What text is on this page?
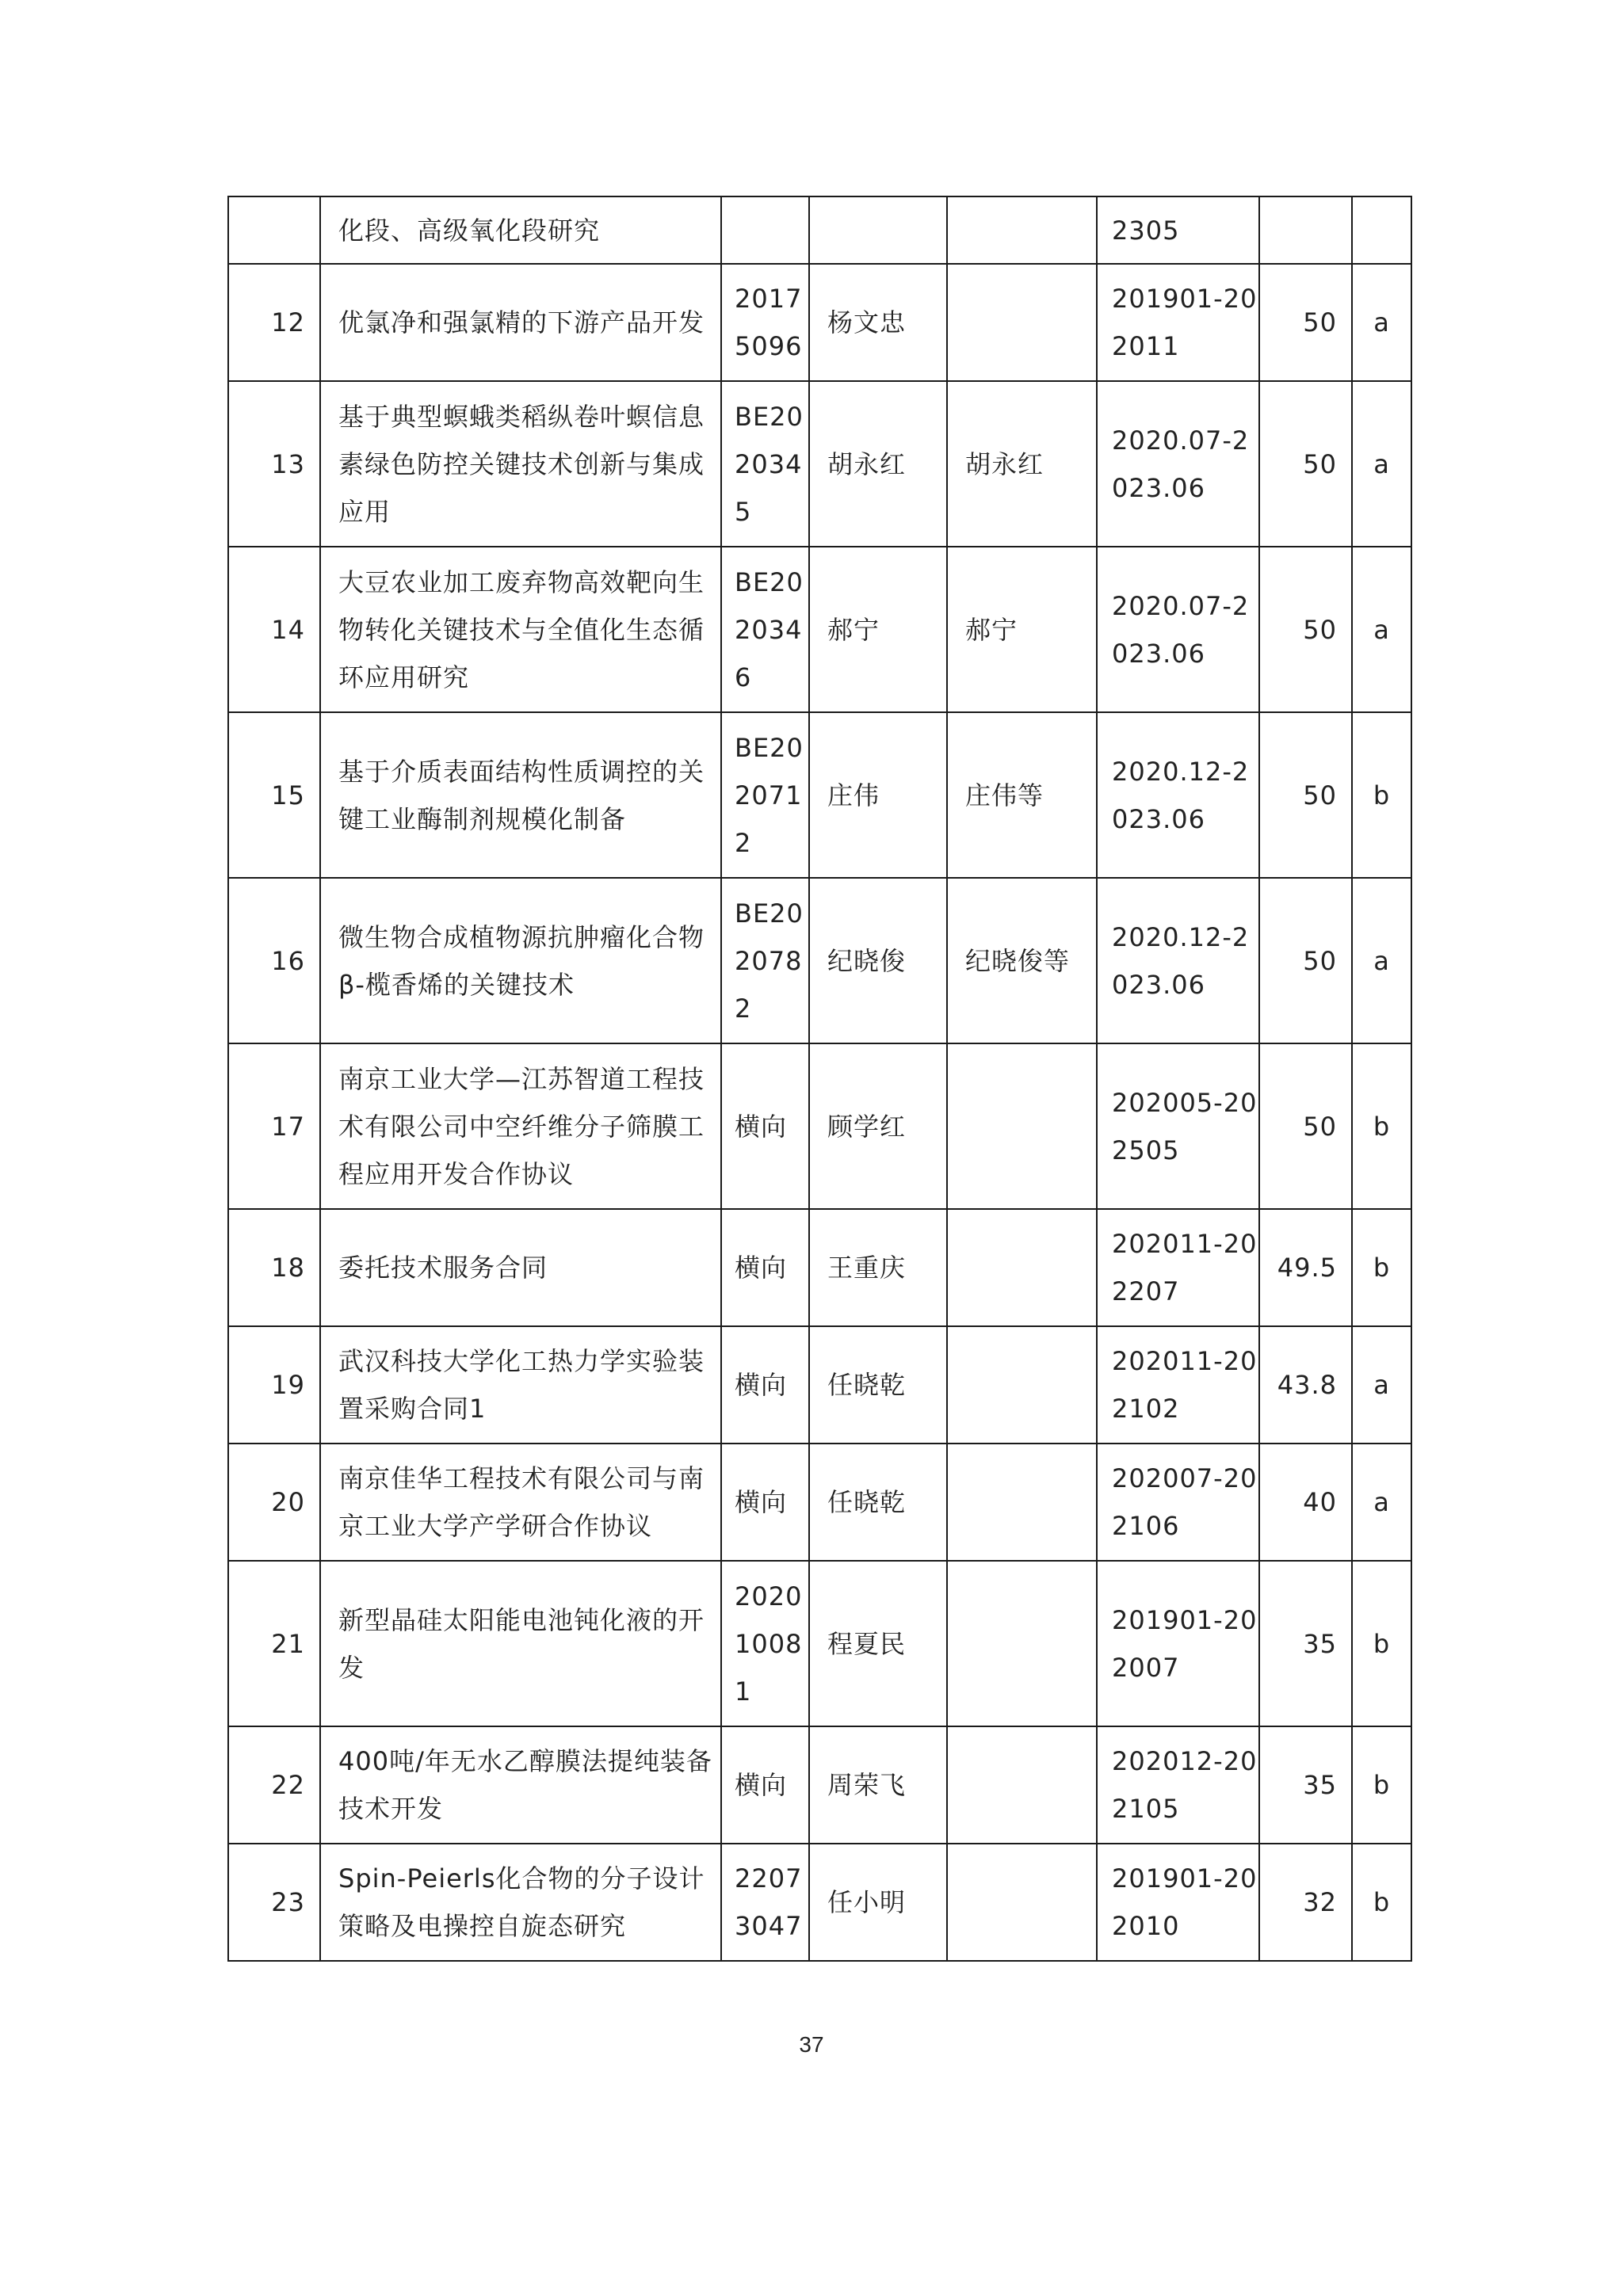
	化段、高级氧化段研究				2305		
12	优氯净和强氯精的下游产品开发	20175096	杨文忠		201901-202011	50	a
13	基于典型螟蛾类稻纵卷叶螟信息素绿色防控关键技术创新与集成应用	BE2020345	胡永红	胡永红	2020.07-2023.06	50	a
14	大豆农业加工废弃物高效靶向生物转化关键技术与全值化生态循环应用研究	BE2020346	郝宁	郝宁	2020.07-2023.06	50	a
15	基于介质表面结构性质调控的关键工业酶制剂规模化制备	BE2020712	庄伟	庄伟等	2020.12-2023.06	50	b
16	微生物合成植物源抗肿瘤化合物β-榄香烯的关键技术	BE2020782	纪晓俊	纪晓俊等	2020.12-2023.06	50	a
17	南京工业大学—江苏智道工程技术有限公司中空纤维分子筛膜工程应用开发合作协议	横向	顾学红		202005-202505	50	b
18	委托技术服务合同	横向	王重庆		202011-202207	49.5	b
19	武汉科技大学化工热力学实验装置采购合同1	横向	任晓乾		202011-202102	43.8	a
20	南京佳华工程技术有限公司与南京工业大学产学研合作协议	横向	任晓乾		202007-202106	40	a
21	新型晶硅太阳能电池钝化液的开发	202010081	程夏民		201901-202007	35	b
22	400吨/年无水乙醇膜法提纯装备技术开发	横向	周荣飞		202012-202105	35	b
23	Spin-Peierls化合物的分子设计策略及电操控自旋态研究	22073047	任小明		201901-202010	32	b
37
